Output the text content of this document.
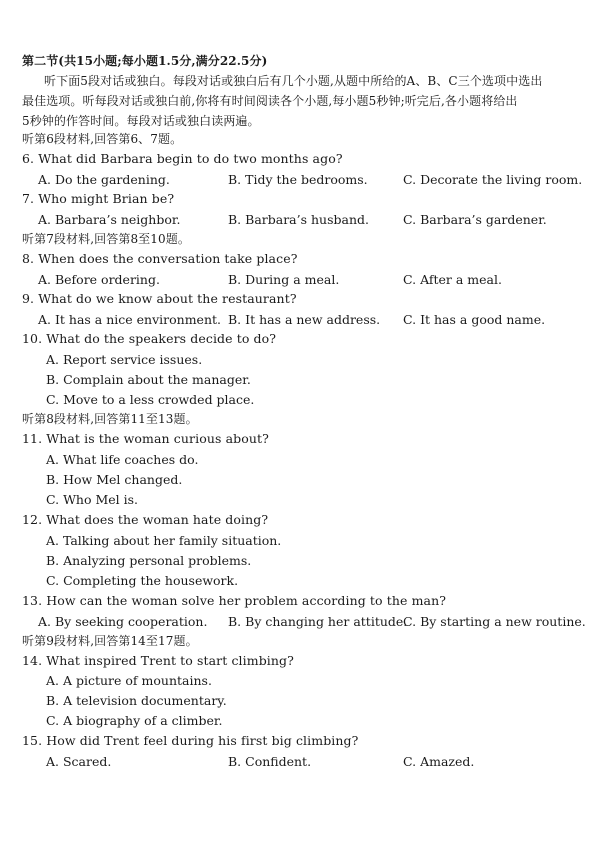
第二节(共15小题;每小题1.5分,满分22.5分)
听下面5段对话或独白。每段对话或独白后有几个小题,从题中所给的A、B、C三个选项中选出
最佳选项。听每段对话或独白前,你将有时间阅读各个小题,每小题5秒钟;听完后,各小题将给出
5秒钟的作答时间。每段对话或独白读两遍。
听第6段材料,回答第6、7题。
6. What did Barbara begin to do two months ago?
A. Do the gardening.	B. Tidy the bedrooms.	C. Decorate the living room.
7. Who might Brian be?
A. Barbara’s neighbor.	B. Barbara’s husband.	C. Barbara’s gardener.
听第7段材料,回答第8至10题。
8. When does the conversation take place?
A. Before ordering.	B. During a meal.	C. After a meal.
9. What do we know about the restaurant?
A. It has a nice environment. B. It has a new address. C. It has a good name.
10. What do the speakers decide to do?
A. Report service issues.
B. Complain about the manager.
C. Move to a less crowded place.
听第8段材料,回答第11至13题。
11. What is the woman curious about?
A. What life coaches do.
B. How Mel changed.
C. Who Mel is.
12. What does the woman hate doing?
A. Talking about her family situation.
B. Analyzing personal problems.
C. Completing the housework.
13. How can the woman solve her problem according to the man?
A. By seeking cooperation. B. By changing her attitude.
C. By starting a new routine.
听第9段材料,回答第14至17题。
14. What inspired Trent to start climbing?
A. A picture of mountains.
B. A television documentary.
C. A biography of a climber.
15. How did Trent feel during his first big climbing?
A. Scared.	B. Confident.	C. Amazed.
